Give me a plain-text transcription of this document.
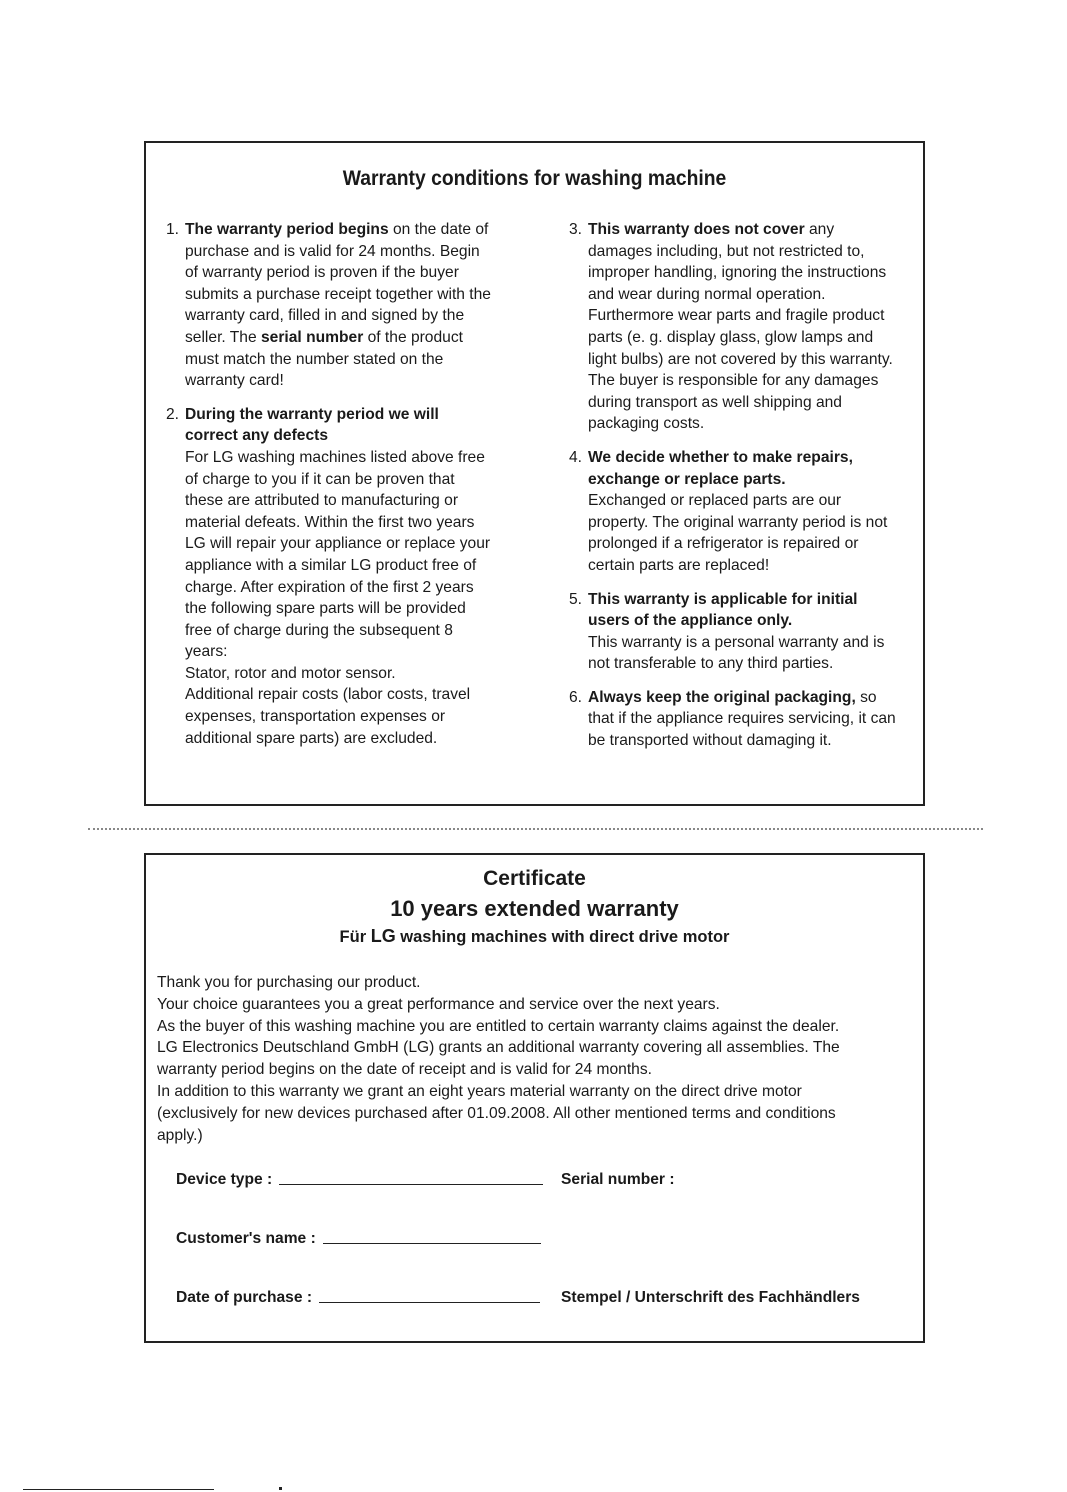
Warranty conditions for washing machine
1. The warranty period begins on the date of
purchase and is valid for 24 months. Begin
of warranty period is proven if the buyer
submits a purchase receipt together with the
warranty card, filled in and signed by the
seller. The serial number of the product
must match the number stated on the
warranty card!
2. During the warranty period we will
correct any defects
For LG washing machines listed above free
of charge to you if it can be proven that
these are attributed to manufacturing or
material defeats. Within the first two years
LG will repair your appliance or replace your
appliance with a similar LG product free of
charge. After expiration of the first 2 years
the following spare parts will be provided
free of charge during the subsequent 8
years:
Stator, rotor and motor sensor.
Additional repair costs (labor costs, travel
expenses, transportation expenses or
additional spare parts) are excluded.
3. This warranty does not cover any
damages including, but not restricted to,
improper handling, ignoring the instructions
and wear during normal operation.
Furthermore wear parts and fragile product
parts (e. g. display glass, glow lamps and
light bulbs) are not covered by this warranty.
The buyer is responsible for any damages
during transport as well shipping and
packaging costs.
4. We decide whether to make repairs,
exchange or replace parts.
Exchanged or replaced parts are our
property. The original warranty period is not
prolonged if a refrigerator is repaired or
certain parts are replaced!
5. This warranty is applicable for initial
users of the appliance only.
This warranty is a personal warranty and is
not transferable to any third parties.
6. Always keep the original packaging, so
that if the appliance requires servicing, it can
be transported without damaging it.
Certificate
10 years extended warranty
Für LG washing machines with direct drive motor
Thank you for purchasing our product.
Your choice guarantees you a great performance and service over the next years.
As the buyer of this washing machine you are entitled to certain warranty claims against the dealer.
LG Electronics Deutschland GmbH (LG) grants an additional warranty covering all assemblies. The
warranty period begins on the date of receipt and is valid for 24 months.
In addition to this warranty we grant an eight years material warranty on the direct drive motor
(exclusively for new devices purchased after 01.09.2008. All other mentioned terms and conditions
apply.)
Device type :	Serial number :
Customer's name :
Date of purchase :	Stempel / Unterschrift des Fachhändlers
